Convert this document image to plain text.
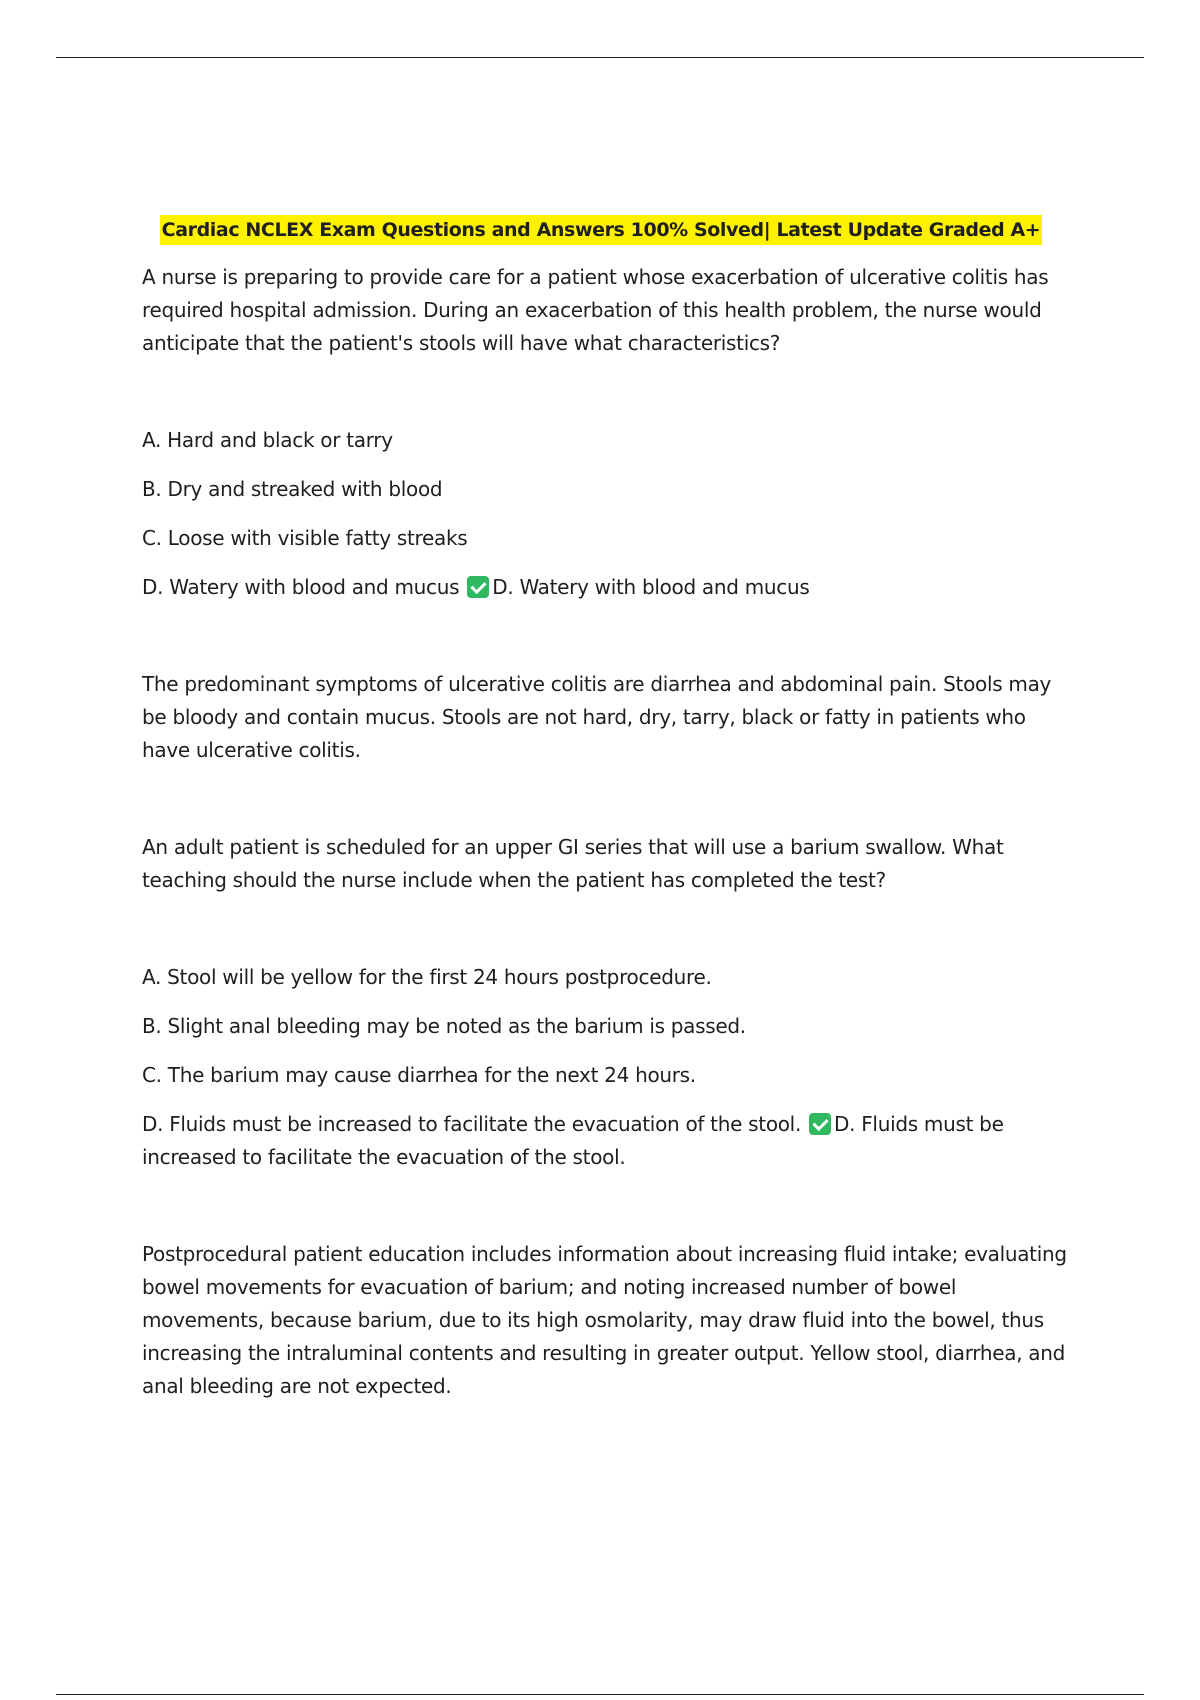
Cardiac NCLEX Exam Questions and Answers 100% Solved| Latest Update Graded A+

A nurse is preparing to provide care for a patient whose exacerbation of ulcerative colitis has required hospital admission. During an exacerbation of this health problem, the nurse would anticipate that the patient's stools will have what characteristics?

A. Hard and black or tarry

B. Dry and streaked with blood

C. Loose with visible fatty streaks

D. Watery with blood and mucus D. Watery with blood and mucus

The predominant symptoms of ulcerative colitis are diarrhea and abdominal pain. Stools may be bloody and contain mucus. Stools are not hard, dry, tarry, black or fatty in patients who have ulcerative colitis.

An adult patient is scheduled for an upper GI series that will use a barium swallow. What teaching should the nurse include when the patient has completed the test?

A. Stool will be yellow for the first 24 hours postprocedure.

B. Slight anal bleeding may be noted as the barium is passed.

C. The barium may cause diarrhea for the next 24 hours.

D. Fluids must be increased to facilitate the evacuation of the stool. D. Fluids must be increased to facilitate the evacuation of the stool.

Postprocedural patient education includes information about increasing fluid intake; evaluating bowel movements for evacuation of barium; and noting increased number of bowel movements, because barium, due to its high osmolarity, may draw fluid into the bowel, thus increasing the intraluminal contents and resulting in greater output. Yellow stool, diarrhea, and anal bleeding are not expected.
